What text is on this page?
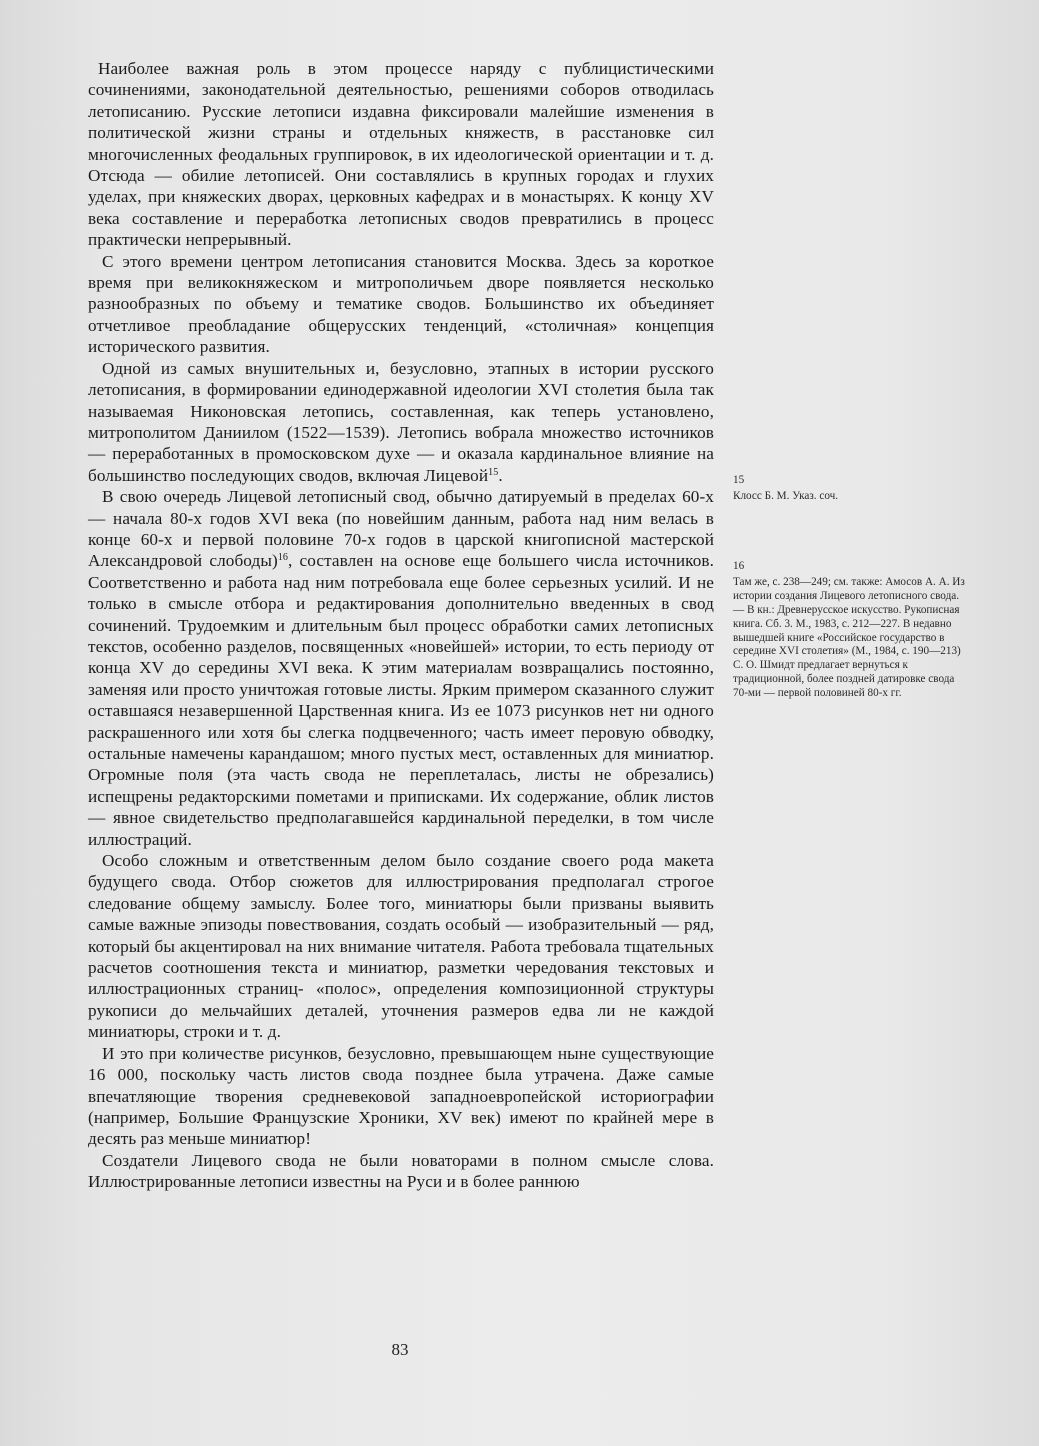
Наиболее важная роль в этом процессе наряду с публицистическими сочинениями, законодательной деятельностью, решениями соборов отводилась летописанию. Русские летописи издавна фиксировали малейшие изменения в политической жизни страны и отдельных княжеств, в расстановке сил многочисленных феодальных группировок, в их идеологической ориентации и т. д. Отсюда — обилие летописей. Они составлялись в крупных городах и глухих уделах, при княжеских дворах, церковных кафедрах и в монастырях. К концу XV века составление и переработка летописных сводов превратились в процесс практически непрерывный.

С этого времени центром летописания становится Москва. Здесь за короткое время при великокняжеском и митрополичьем дворе появляется несколько разнообразных по объему и тематике сводов. Большинство их объединяет отчетливое преобладание общерусских тенденций, «столичная» концепция исторического развития.

Одной из самых внушительных и, безусловно, этапных в истории русского летописания, в формировании единодержавной идеологии XVI столетия была так называемая Никоновская летопись, составленная, как теперь установлено, митрополитом Даниилом (1522—1539). Летопись вобрала множество источников — переработанных в промосковском духе — и оказала кардинальное влияние на большинство последующих сводов, включая Лицевой$^{15}$.

В свою очередь Лицевой летописный свод, обычно датируемый в пределах 60-х — начала 80-х годов XVI века (по новейшим данным, работа над ним велась в конце 60-х и первой половине 70-х годов в царской книгописной мастерской Александровой слободы)$^{16}$, составлен на основе еще большего числа источников. Соответственно и работа над ним потребовала еще более серьезных усилий. И не только в смысле отбора и редактирования дополнительно введенных в свод сочинений. Трудоемким и длительным был процесс обработки самих летописных текстов, особенно разделов, посвященных «новейшей» истории, то есть периоду от конца XV до середины XVI века. К этим материалам возвращались постоянно, заменяя или просто уничтожая готовые листы. Ярким примером сказанного служит оставшаяся незавершенной Царственная книга. Из ее 1073 рисунков нет ни одного раскрашенного или хотя бы слегка подцвеченного; часть имеет перовую обводку, остальные намечены карандашом; много пустых мест, оставленных для миниатюр. Огромные поля (эта часть свода не переплеталась, листы не обрезались) испещрены редакторскими пометами и приписками. Их содержание, облик листов — явное свидетельство предполагавшейся кардинальной переделки, в том числе иллюстраций.

Особо сложным и ответственным делом было создание своего рода макета будущего свода. Отбор сюжетов для иллюстрирования предполагал строгое следование общему замыслу. Более того, миниатюры были призваны выявить самые важные эпизоды повествования, создать особый — изобразительный — ряд, который бы акцентировал на них внимание читателя. Работа требовала тщательных расчетов соотношения текста и миниатюр, разметки чередования текстовых и иллюстрационных страниц- «полос», определения композиционной структуры рукописи до мельчайших деталей, уточнения размеров едва ли не каждой миниатюры, строки и т. д.

И это при количестве рисунков, безусловно, превышающем ныне существующие 16 000, поскольку часть листов свода позднее была утрачена. Даже самые впечатляющие творения средневековой западноевропейской историографии (например, Большие Французские Хроники, XV век) имеют по крайней мере в десять раз меньше миниатюр!

Создатели Лицевого свода не были новаторами в полном смысле слова. Иллюстрированные летописи известны на Руси и в более раннюю

15
Клосс Б. М. Указ. соч.
16
Там же, с. 238—249; см. также: Амосов А. А. Из истории создания Лицевого летописного свода. — В кн.: Древнерусское искусство. Рукописная книга. Сб. 3. М., 1983, с. 212—227. В недавно вышедшей книге «Российское государство в середине XVI столетия» (М., 1984, с. 190—213) С. О. Шмидт предлагает вернуться к традиционной, более поздней датировке свода 70-ми — первой половиней 80-х гг.
83
